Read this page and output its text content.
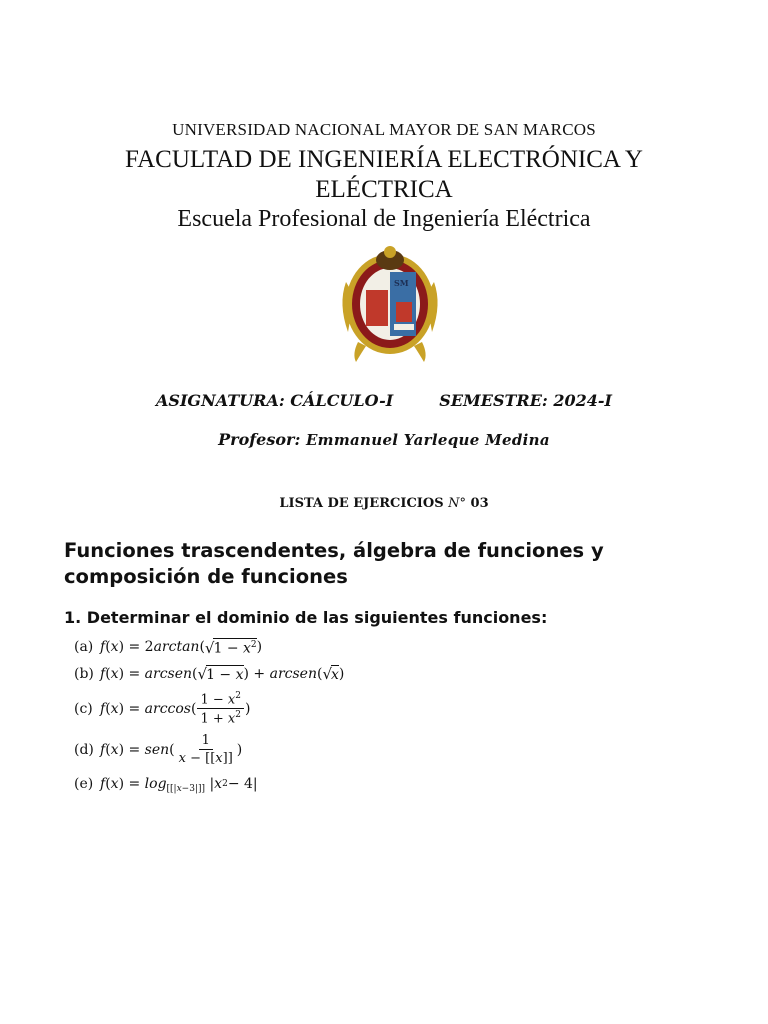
UNIVERSIDAD NACIONAL MAYOR DE SAN MARCOS
FACULTAD DE INGENIERÍA ELECTRÓNICA Y
ELÉCTRICA
Escuela Profesional de Ingeniería Eléctrica
SM
ASIGNATURA: CÁLCULO-I	SEMESTRE: 2024-I
Profesor: Emmanuel Yarleque Medina
LISTA DE EJERCICIOS N° 03
Funciones trascendentes, álgebra de funciones y composición de funciones
1. Determinar el dominio de las siguientes funciones:
(a) f ( x ) = 2 arctan ( √ $1 - x^2$ )
(b) f ( x ) = arcsen ( √ 1 − x ) + arcsen ( √ x )
(c) f ( x ) = arccos ( $\frac{1 - x^2}{1 + x^2}$ )
(d) f ( x ) = sen ( $\frac{1}{x - [[x]]}$ )
(e) f ( x ) = log $_{[[|x-3|]]}$ | x 2 − 4|
